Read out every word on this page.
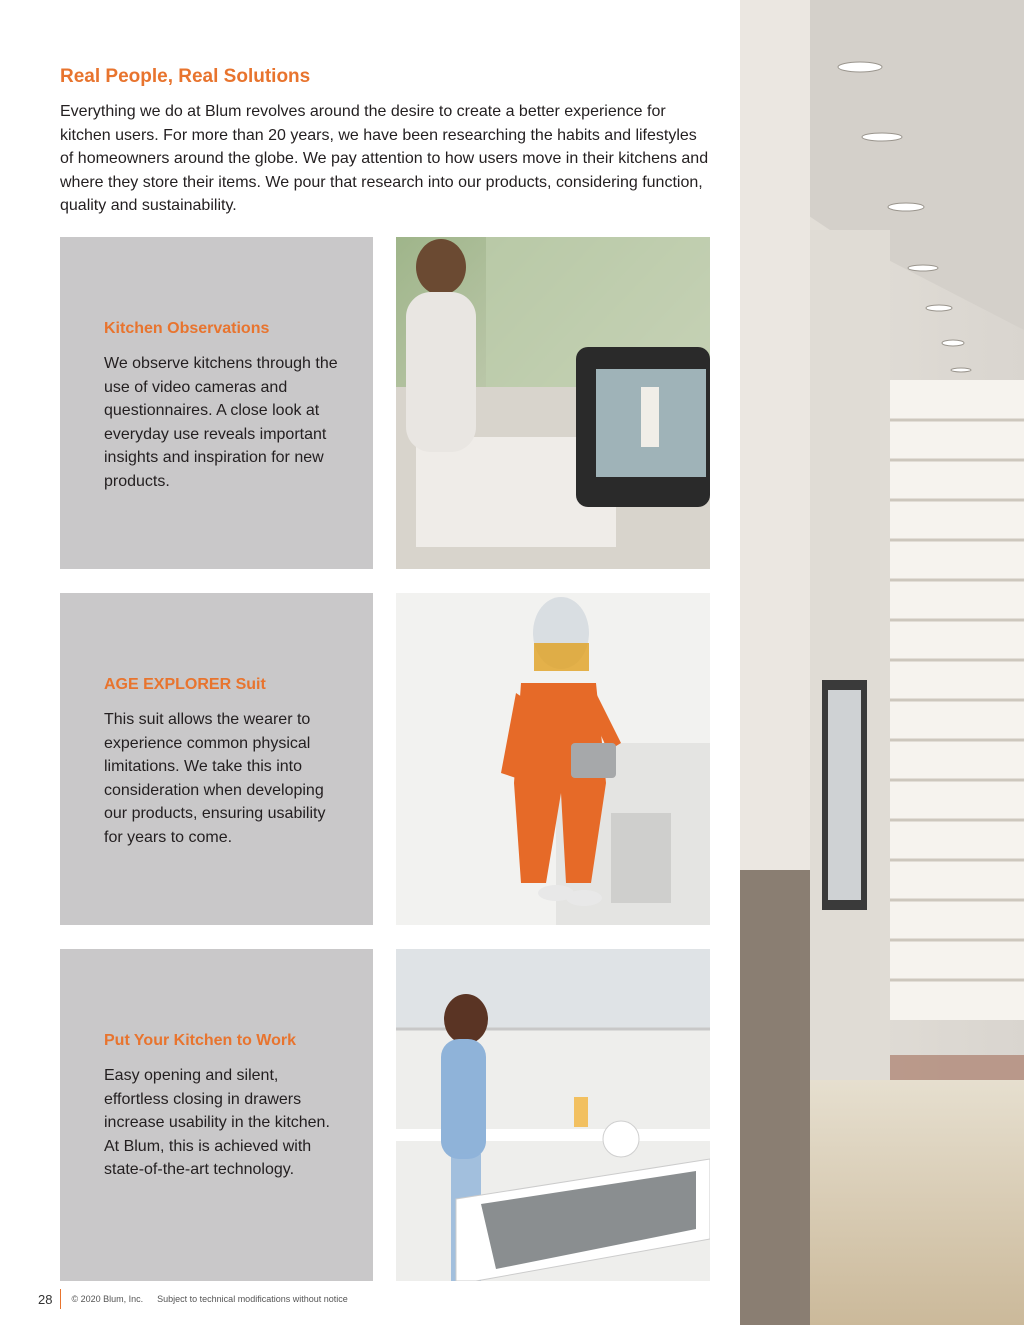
Real People, Real Solutions

Everything we do at Blum revolves around the desire to create a better experience for kitchen users. For more than 20 years, we have been researching the habits and lifestyles of homeowners around the globe. We pay attention to how users move in their kitchens and where they store their items. We pour that research into our products, considering function, quality and sustainability.

Kitchen Observations

We observe kitchens through the use of video cameras and questionnaires. A close look at everyday use reveals important insights and inspiration for new products.

AGE EXPLORER Suit

This suit allows the wearer to experience common physical limitations. We take this into consideration when developing our products, ensuring usability for years to come.

Put Your Kitchen to Work

Easy opening and silent, effortless closing in drawers increase usability in the kitchen. At Blum, this is achieved with state-of-the-art technology.

28 © 2020 Blum, Inc. Subject to technical modifications without notice
